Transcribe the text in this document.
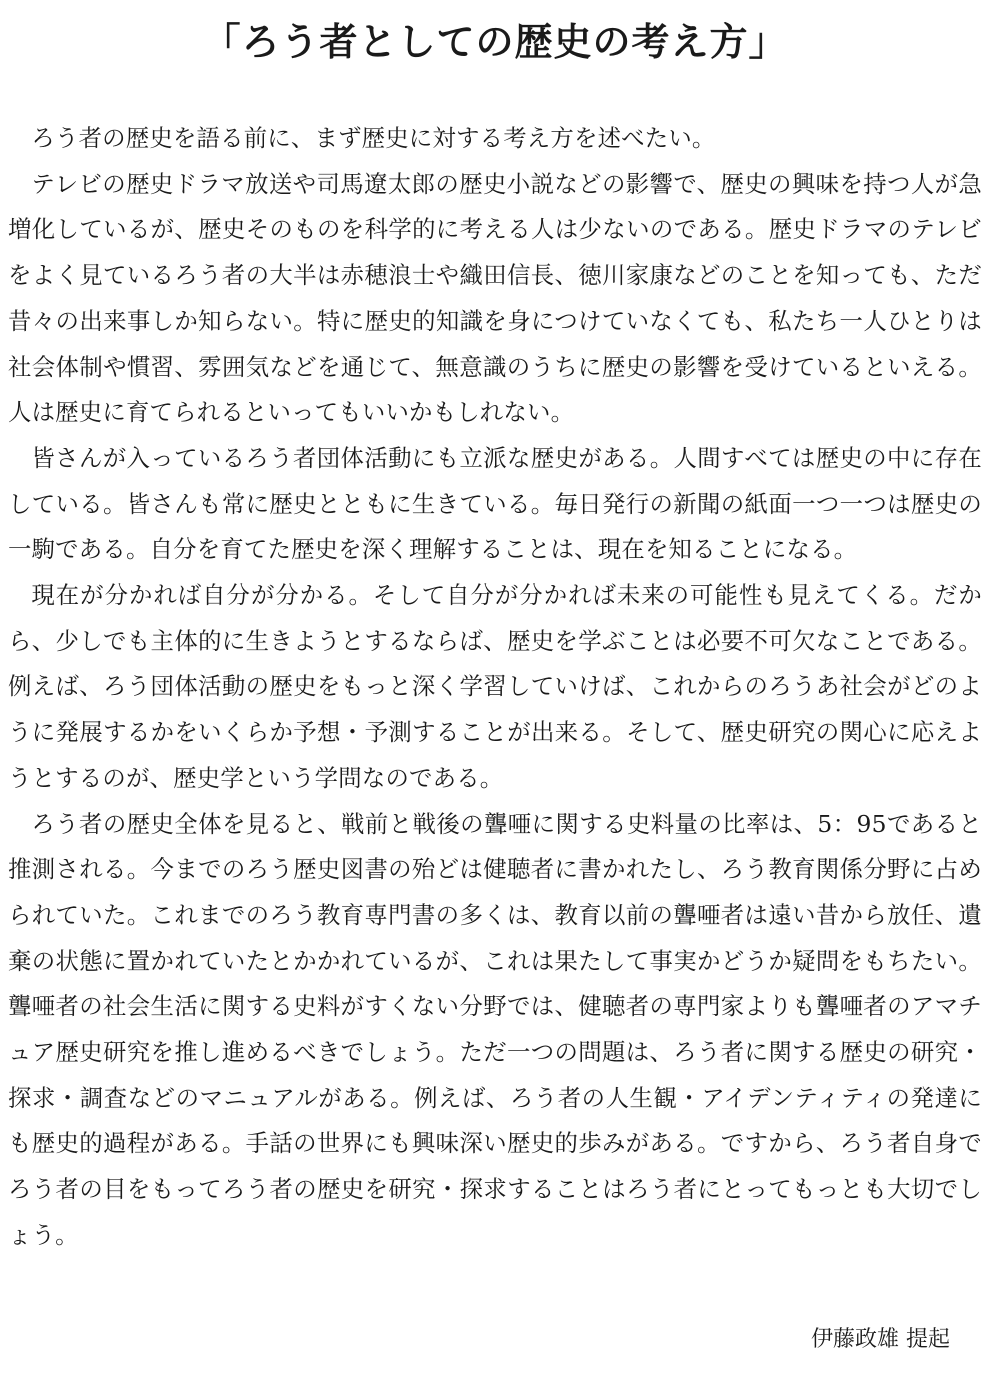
「ろう者としての歴史の考え方」

ろう者の歴史を語る前に、まず歴史に対する考え方を述べたい。

テレビの歴史ドラマ放送や司馬遼太郎の歴史小説などの影響で、歴史の興味を持つ人が急増化しているが、歴史そのものを科学的に考える人は少ないのである。歴史ドラマのテレビをよく見ているろう者の大半は赤穂浪士や織田信長、徳川家康などのことを知っても、ただ昔々の出来事しか知らない。特に歴史的知識を身につけていなくても、私たち一人ひとりは社会体制や慣習、雰囲気などを通じて、無意識のうちに歴史の影響を受けているといえる。人は歴史に育てられるといってもいいかもしれない。

皆さんが入っているろう者団体活動にも立派な歴史がある。人間すべては歴史の中に存在している。皆さんも常に歴史とともに生きている。毎日発行の新聞の紙面一つ一つは歴史の一駒である。自分を育てた歴史を深く理解することは、現在を知ることになる。

現在が分かれば自分が分かる。そして自分が分かれば未来の可能性も見えてくる。だから、少しでも主体的に生きようとするならば、歴史を学ぶことは必要不可欠なことである。例えば、ろう団体活動の歴史をもっと深く学習していけば、これからのろうあ社会がどのように発展するかをいくらか予想・予測することが出来る。そして、歴史研究の関心に応えようとするのが、歴史学という学問なのである。

ろう者の歴史全体を見ると、戦前と戦後の聾唖に関する史料量の比率は、5：95であると推測される。今までのろう歴史図書の殆どは健聴者に書かれたし、ろう教育関係分野に占められていた。これまでのろう教育専門書の多くは、教育以前の聾唖者は遠い昔から放任、遺棄の状態に置かれていたとかかれているが、これは果たして事実かどうか疑問をもちたい。聾唖者の社会生活に関する史料がすくない分野では、健聴者の専門家よりも聾唖者のアマチュア歴史研究を推し進めるべきでしょう。ただ一つの問題は、ろう者に関する歴史の研究・探求・調査などのマニュアルがある。例えば、ろう者の人生観・アイデンティティの発達にも歴史的過程がある。手話の世界にも興味深い歴史的歩みがある。ですから、ろう者自身でろう者の目をもってろう者の歴史を研究・探求することはろう者にとってもっとも大切でしょう。

伊藤政雄 提起
